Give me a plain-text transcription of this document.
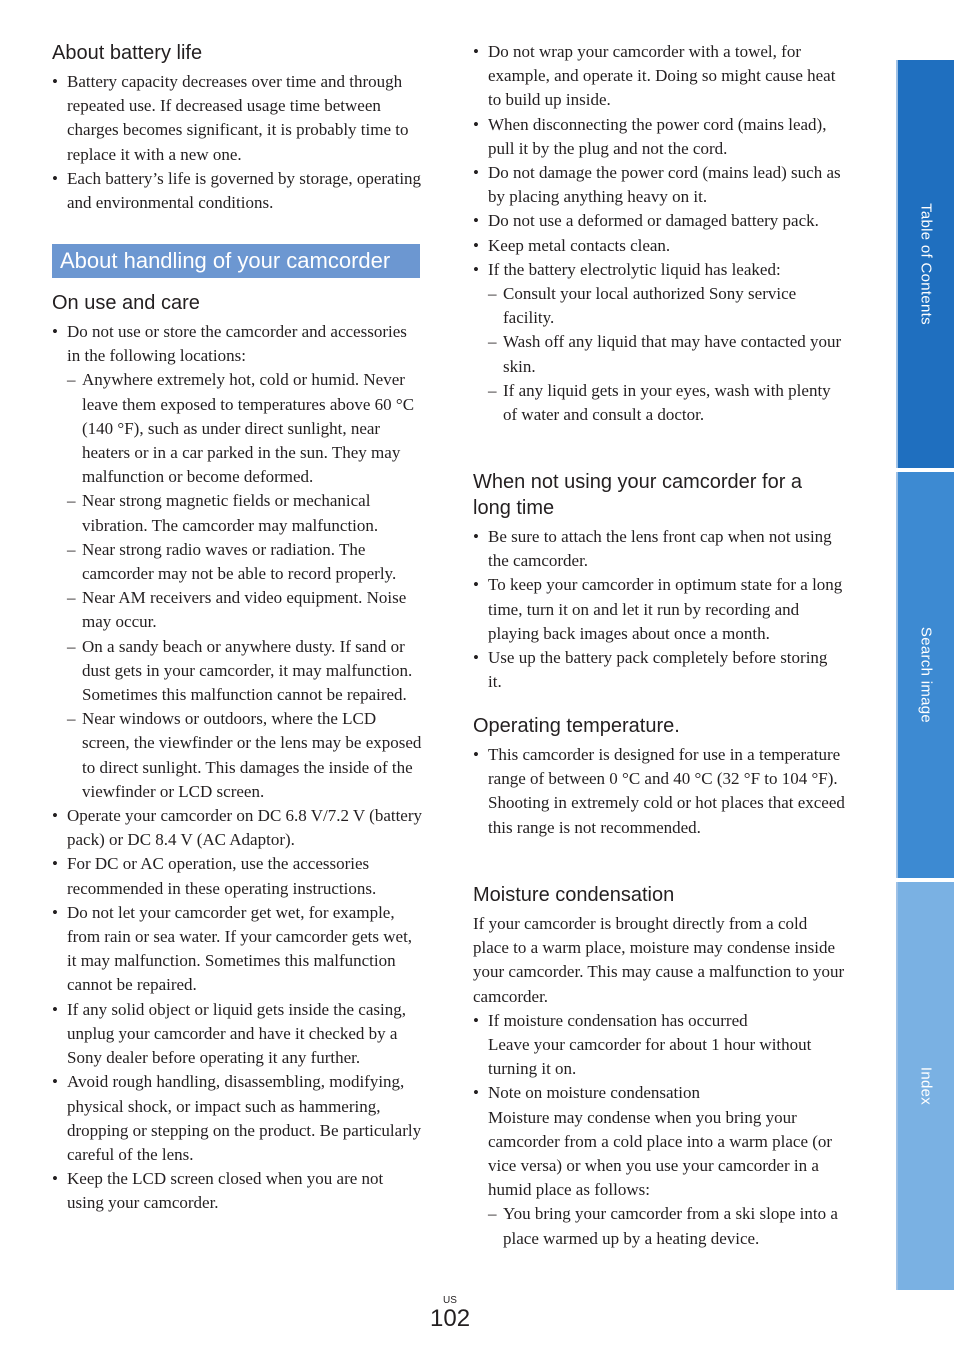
About battery life

• Battery capacity decreases over time and through repeated use. If decreased usage time between charges becomes significant, it is probably time to replace it with a new one.

• Each battery’s life is governed by storage, operating and environmental conditions.

About handling of your camcorder
On use and care

• Do not use or store the camcorder and accessories in the following locations:

– Anywhere extremely hot, cold or humid. Never leave them exposed to temperatures above 60 °C (140 °F), such as under direct sunlight, near heaters or in a car parked in the sun. They may malfunction or become deformed.

– Near strong magnetic fields or mechanical vibration. The camcorder may malfunction.

– Near strong radio waves or radiation. The camcorder may not be able to record properly.

– Near AM receivers and video equipment. Noise may occur.

– On a sandy beach or anywhere dusty. If sand or dust gets in your camcorder, it may malfunction. Sometimes this malfunction cannot be repaired.

– Near windows or outdoors, where the LCD screen, the viewfinder or the lens may be exposed to direct sunlight. This damages the inside of the viewfinder or LCD screen.

• Operate your camcorder on DC 6.8 V/7.2 V (battery pack) or DC 8.4 V (AC Adaptor).

• For DC or AC operation, use the accessories recommended in these operating instructions.

• Do not let your camcorder get wet, for example, from rain or sea water. If your camcorder gets wet, it may malfunction. Sometimes this malfunction cannot be repaired.

• If any solid object or liquid gets inside the casing, unplug your camcorder and have it checked by a Sony dealer before operating it any further.

• Avoid rough handling, disassembling, modifying, physical shock, or impact such as hammering, dropping or stepping on the product. Be particularly careful of the lens.

• Keep the LCD screen closed when you are not using your camcorder.

• Do not wrap your camcorder with a towel, for example, and operate it. Doing so might cause heat to build up inside.

• When disconnecting the power cord (mains lead), pull it by the plug and not the cord.

• Do not damage the power cord (mains lead) such as by placing anything heavy on it.

• Do not use a deformed or damaged battery pack.

• Keep metal contacts clean.

• If the battery electrolytic liquid has leaked:

– Consult your local authorized Sony service facility.

– Wash off any liquid that may have contacted your skin.

– If any liquid gets in your eyes, wash with plenty of water and consult a doctor.

When not using your camcorder for a long time

• Be sure to attach the lens front cap when not using the camcorder.

• To keep your camcorder in optimum state for a long time, turn it on and let it run by recording and playing back images about once a month.

• Use up the battery pack completely before storing it.

Operating temperature.

• This camcorder is designed for use in a temperature range of between 0 °C and 40 °C (32 °F to 104 °F). Shooting in extremely cold or hot places that exceed this range is not recommended.

Moisture condensation

If your camcorder is brought directly from a cold place to a warm place, moisture may condense inside your camcorder. This may cause a malfunction to your camcorder.

• If moisture condensation has occurred

Leave your camcorder for about 1 hour without turning it on.

• Note on moisture condensation

Moisture may condense when you bring your camcorder from a cold place into a warm place (or vice versa) or when you use your camcorder in a humid place as follows:

– You bring your camcorder from a ski slope into a place warmed up by a heating device.

Table of Contents
Search image
Index
US
102
